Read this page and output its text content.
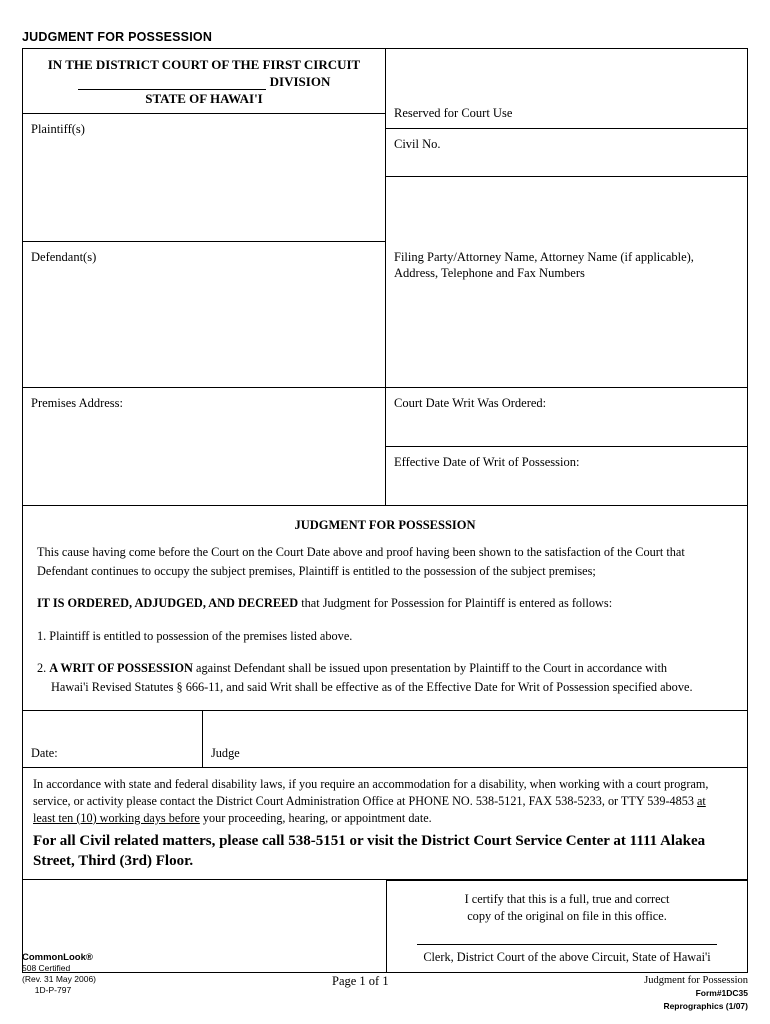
JUDGMENT FOR POSSESSION
IN THE DISTRICT COURT OF THE FIRST CIRCUIT
DIVISION
STATE OF HAWAI'I
Plaintiff(s)
Reserved for Court Use
Civil No.
Defendant(s)	Filing Party/Attorney Name, Attorney Name (if applicable),
Address, Telephone and Fax Numbers
Premises Address:	Court Date Writ Was Ordered:
Effective Date of Writ of Possession:
JUDGMENT FOR POSSESSION

This cause having come before the Court on the Court Date above and proof having been shown to the satisfaction of the Court that Defendant continues to occupy the subject premises, Plaintiff is entitled to the possession of the subject premises;

IT IS ORDERED, ADJUDGED, AND DECREED that Judgment for Possession for Plaintiff is entered as follows:

1. Plaintiff is entitled to possession of the premises listed above.

2. A WRIT OF POSSESSION against Defendant shall be issued upon presentation by Plaintiff to the Court in accordance with
Hawai'i Revised Statutes § 666-11, and said Writ shall be effective as of the Effective Date for Writ of Possession specified above.

Date:	Judge
In accordance with state and federal disability laws, if you require an accommodation for a disability, when working with a court program, service, or activity please contact the District Court Administration Office at PHONE NO. 538-5121, FAX 538-5233, or TTY 539-4853 at
least ten (10) working days before your proceeding, hearing, or appointment date.
For all Civil related matters, please call 538-5151 or visit the District Court Service Center at 1111 Alakea
Street, Third (3rd) Floor.
I certify that this is a full, true and correct
copy of the original on file in this office.
Clerk, District Court of the above Circuit, State of Hawai'i
CommonLook®
508 Certified
(Rev. 31 May 2006)
1D-P-797
Page 1 of 1	Judgment for Possession
Form#1DC35
Reprographics (1/07)
